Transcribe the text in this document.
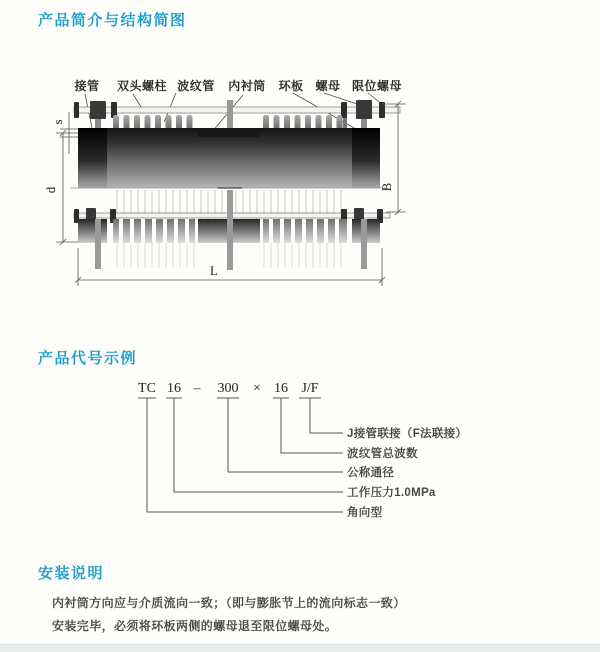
产品简介与结构简图
接管 双头螺柱 波纹管 内衬筒 环板 螺母 限位螺母
s
d	B
L
产品代号示例
TC 16 – 300 × 16 J/F
J接管联接（F法联接）
波纹管总波数
公称通径
工作压力1.0MPa
角向型
安装说明

内衬筒方向应与介质流向一致；（即与膨胀节上的流向标志一致）

安装完毕，必须将环板两侧的螺母退至限位螺母处。
